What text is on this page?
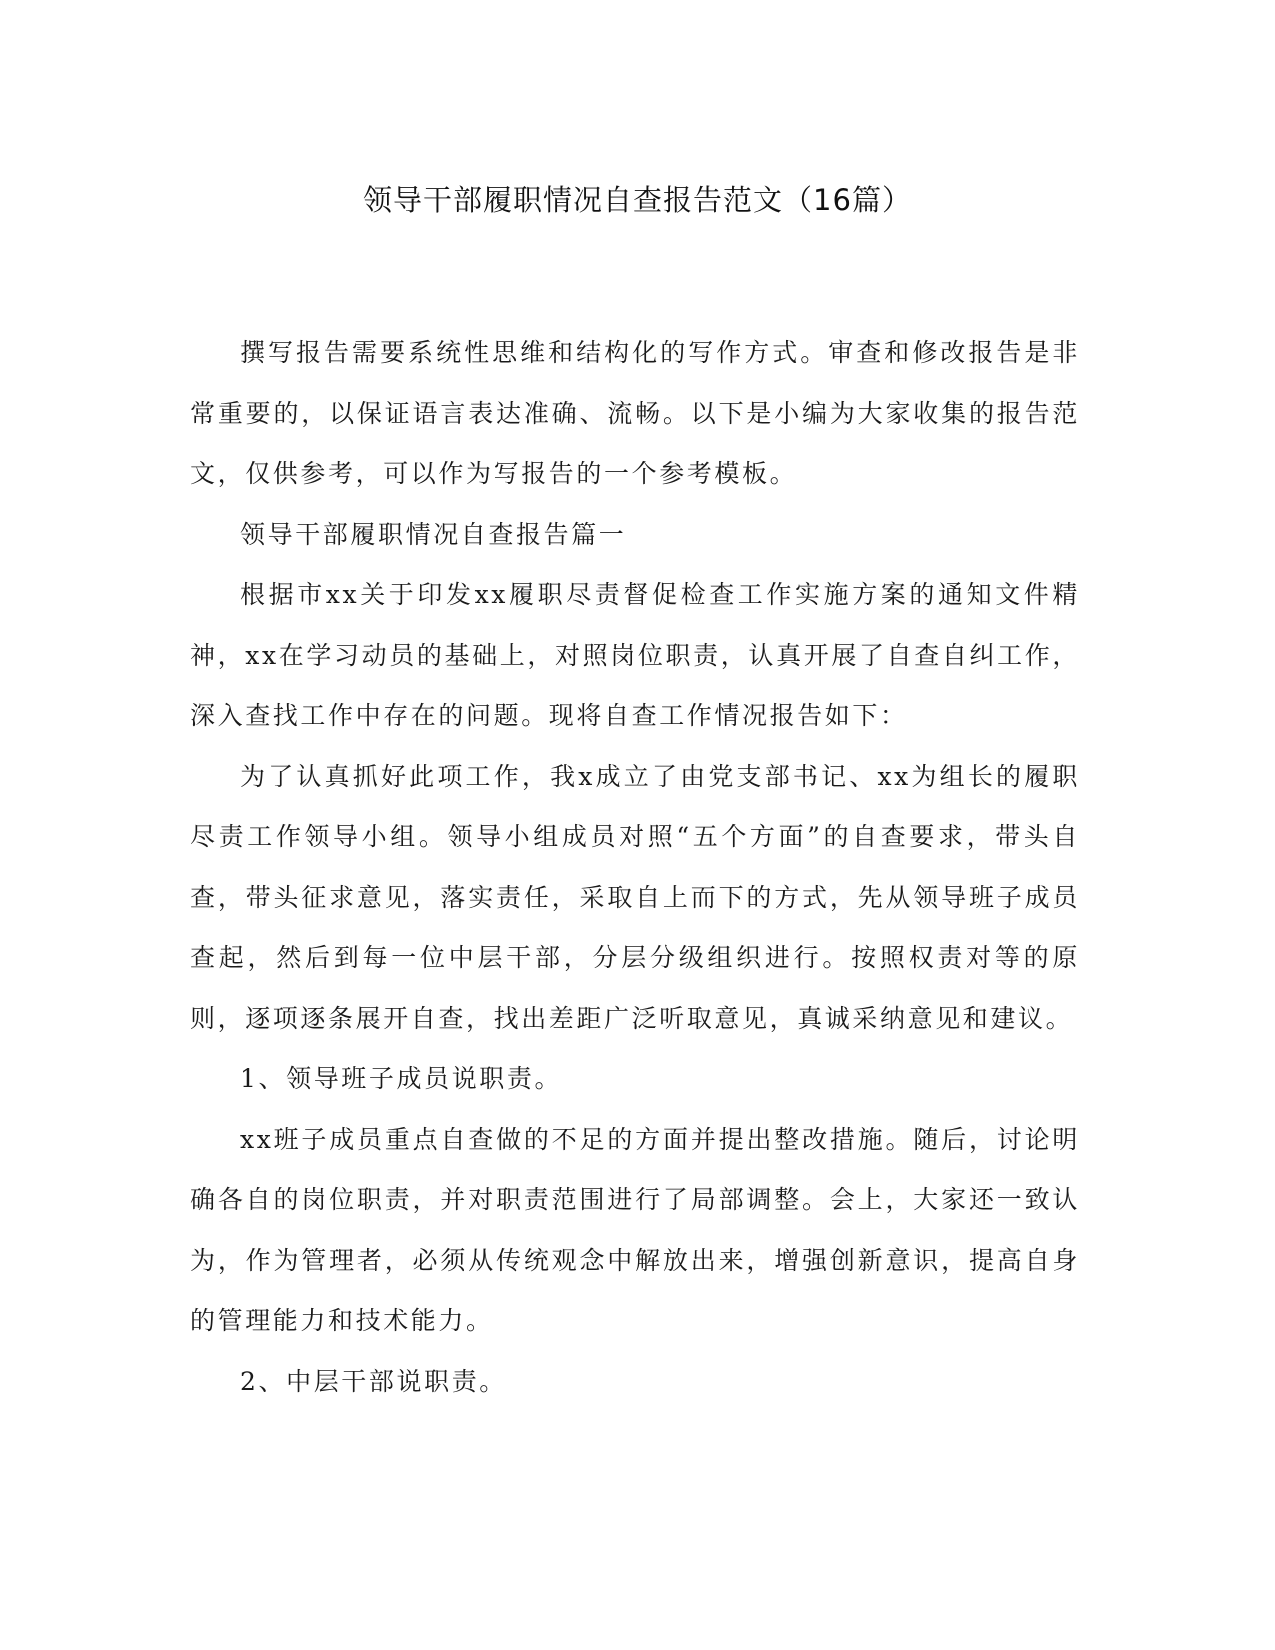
领导干部履职情况自查报告范文（16篇）

撰写报告需要系统性思维和结构化的写作方式。审查和修改报告是非常重要的，以保证语言表达准确、流畅。以下是小编为大家收集的报告范文，仅供参考，可以作为写报告的一个参考模板。

领导干部履职情况自查报告篇一

根据市xx关于印发xx履职尽责督促检查工作实施方案的通知文件精神，xx在学习动员的基础上，对照岗位职责，认真开展了自查自纠工作，深入查找工作中存在的问题。现将自查工作情况报告如下：

为了认真抓好此项工作，我x成立了由党支部书记、xx为组长的履职尽责工作领导小组。领导小组成员对照“五个方面”的自查要求，带头自查，带头征求意见，落实责任，采取自上而下的方式，先从领导班子成员查起，然后到每一位中层干部，分层分级组织进行。按照权责对等的原则，逐项逐条展开自查，找出差距广泛听取意见，真诚采纳意见和建议。

1、领导班子成员说职责。

xx班子成员重点自查做的不足的方面并提出整改措施。随后，讨论明确各自的岗位职责，并对职责范围进行了局部调整。会上，大家还一致认为，作为管理者，必须从传统观念中解放出来，增强创新意识，提高自身的管理能力和技术能力。

2、中层干部说职责。
